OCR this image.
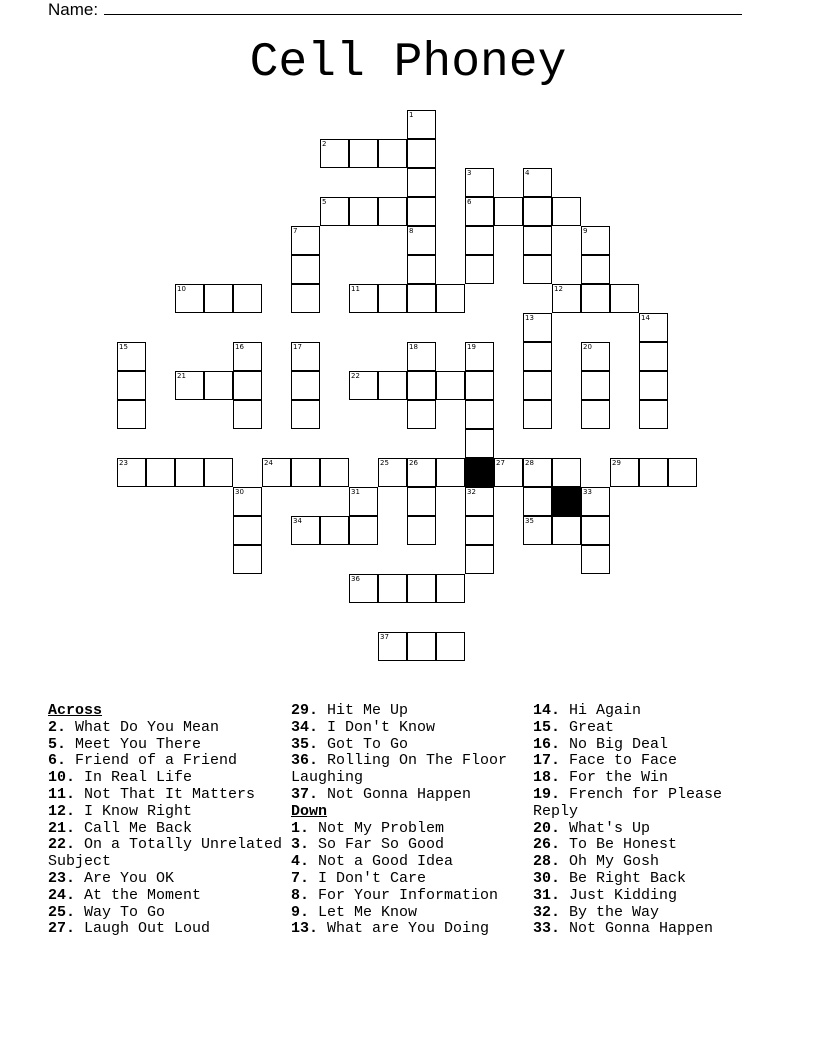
Name:
Cell Phoney
1
2
3	4
5	6
7	8	9
10	11	12
13	14
15	16	17	18	19	20
21	22
23	24	25	26	27	28	29
30	31	32	33
34	35
36
37
Across
2. What Do You Mean
5. Meet You There
6. Friend of a Friend
10. In Real Life
11. Not That It Matters
12. I Know Right
21. Call Me Back
22. On a Totally Unrelated Subject
23. Are You OK
24. At the Moment
25. Way To Go
27. Laugh Out Loud
29. Hit Me Up
34. I Don't Know
35. Got To Go
36. Rolling On The Floor Laughing
37. Not Gonna Happen
Down
1. Not My Problem
3. So Far So Good
4. Not a Good Idea
7. I Don't Care
8. For Your Information
9. Let Me Know
13. What are You Doing
14. Hi Again
15. Great
16. No Big Deal
17. Face to Face
18. For the Win
19. French for Please Reply
20. What's Up
26. To Be Honest
28. Oh My Gosh
30. Be Right Back
31. Just Kidding
32. By the Way
33. Not Gonna Happen
